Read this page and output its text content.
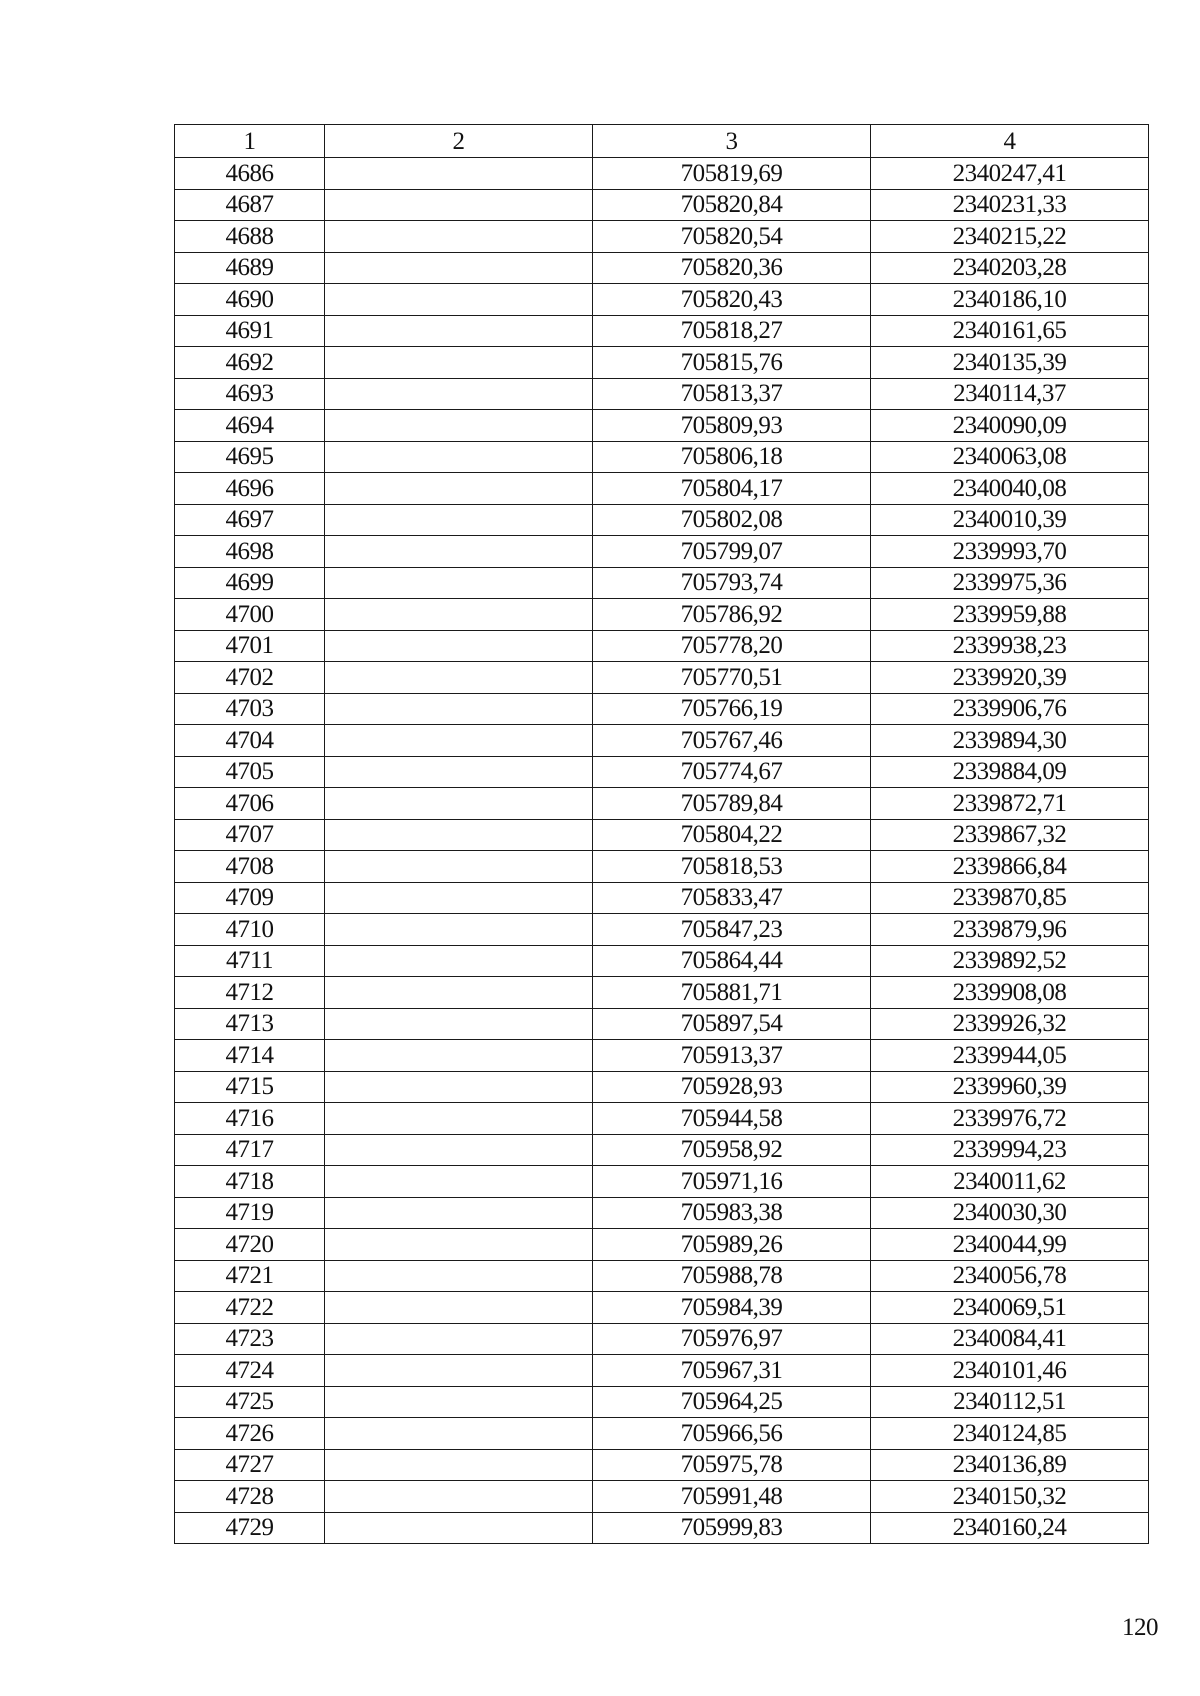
1	2	3	4
4686		705819,69	2340247,41
4687		705820,84	2340231,33
4688		705820,54	2340215,22
4689		705820,36	2340203,28
4690		705820,43	2340186,10
4691		705818,27	2340161,65
4692		705815,76	2340135,39
4693		705813,37	2340114,37
4694		705809,93	2340090,09
4695		705806,18	2340063,08
4696		705804,17	2340040,08
4697		705802,08	2340010,39
4698		705799,07	2339993,70
4699		705793,74	2339975,36
4700		705786,92	2339959,88
4701		705778,20	2339938,23
4702		705770,51	2339920,39
4703		705766,19	2339906,76
4704		705767,46	2339894,30
4705		705774,67	2339884,09
4706		705789,84	2339872,71
4707		705804,22	2339867,32
4708		705818,53	2339866,84
4709		705833,47	2339870,85
4710		705847,23	2339879,96
4711		705864,44	2339892,52
4712		705881,71	2339908,08
4713		705897,54	2339926,32
4714		705913,37	2339944,05
4715		705928,93	2339960,39
4716		705944,58	2339976,72
4717		705958,92	2339994,23
4718		705971,16	2340011,62
4719		705983,38	2340030,30
4720		705989,26	2340044,99
4721		705988,78	2340056,78
4722		705984,39	2340069,51
4723		705976,97	2340084,41
4724		705967,31	2340101,46
4725		705964,25	2340112,51
4726		705966,56	2340124,85
4727		705975,78	2340136,89
4728		705991,48	2340150,32
4729		705999,83	2340160,24
120
